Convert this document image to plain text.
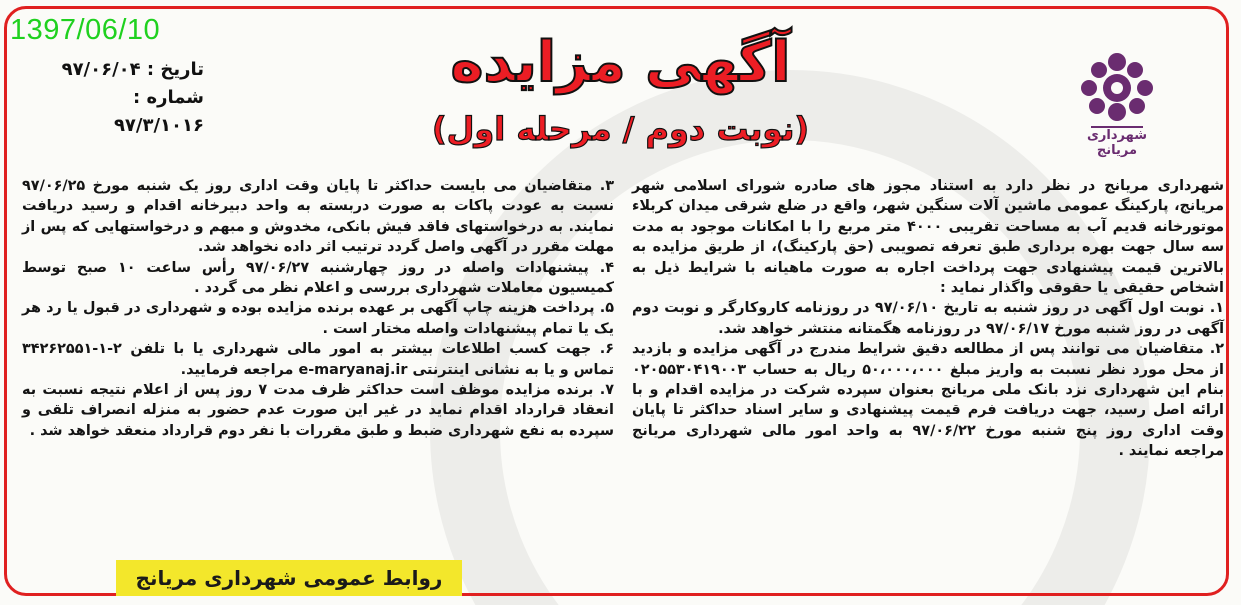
1397/06/10
تاریخ : ۹۷/۰۶/۰۴
شماره : ۹۷/۳/۱۰۱۶	شهرداری مریانج
آگهی مزایده
(نوبت دوم / مرحله اول)

شهرداری مریانج در نظر دارد به استناد مجوز های صادره شورای اسلامی شهر مریانج، پارکینگ عمومی ماشین آلات سنگین شهر، واقع در ضلع شرقی میدان کربلاء موتورخانه قدیم آب به مساحت تقریبی ۴۰۰۰ متر مربع را با امکانات موجود به مدت سه سال جهت بهره برداری طبق تعرفه تصویبی (حق پارکینگ)، از طریق مزایده به بالاترین قیمت پیشنهادی جهت پرداخت اجاره به صورت ماهیانه با شرایط ذیل به اشخاص حقیقی یا حقوقی واگذار نماید :

۱. نوبت اول آگهی در روز شنبه به تاریخ ۹۷/۰۶/۱۰ در روزنامه کاروکارگر و نوبت دوم آگهی در روز شنبه مورخ ۹۷/۰۶/۱۷ در روزنامه هگمتانه منتشر خواهد شد.

۲. متقاضیان می توانند پس از مطالعه دقیق شرایط مندرج در آگهی مزایده و بازدید از محل مورد نظر نسبت به واریز مبلغ ۵۰،۰۰۰،۰۰۰ ریال به حساب ۰۲۰۵۵۳۰۴۱۹۰۰۳ بنام این شهرداری نزد بانک ملی مریانج بعنوان سپرده شرکت در مزایده اقدام و با ارائه اصل رسید، جهت دریافت فرم قیمت پیشنهادی و سایر اسناد حداکثر تا پایان وقت اداری روز پنج شنبه مورخ ۹۷/۰۶/۲۲ به واحد امور مالی شهرداری مریانج مراجعه نمایند .

۳. متقاضیان می بایست حداکثر تا پایان وقت اداری روز یک شنبه مورخ ۹۷/۰۶/۲۵ نسبت به عودت پاکات به صورت دربسته به واحد دبیرخانه اقدام و رسید دریافت نمایند. به درخواستهای فاقد فیش بانکی، مخدوش و مبهم و درخواستهایی که پس از مهلت مقرر در آگهی واصل گردد ترتیب اثر داده نخواهد شد.

۴. پیشنهادات واصله در روز چهارشنبه ۹۷/۰۶/۲۷ رأس ساعت ۱۰ صبح توسط کمیسیون معاملات شهرداری بررسی و اعلام نظر می گردد .

۵. پرداخت هزینه چاپ آگهی بر عهده برنده مزایده بوده و شهرداری در قبول یا رد هر یک یا تمام پیشنهادات واصله مختار است .

۶. جهت کسب اطلاعات بیشتر به امور مالی شهرداری یا با تلفن ۲-۱-۳۴۲۶۲۵۵۱ تماس و یا به نشانی اینترنتی e-maryanaj.ir مراجعه فرمایید.

۷. برنده مزایده موظف است حداکثر ظرف مدت ۷ روز پس از اعلام نتیجه نسبت به انعقاد قرارداد اقدام نماید در غیر این صورت عدم حضور به منزله انصراف تلقی و سپرده به نفع شهرداری ضبط و طبق مقررات با نفر دوم قرارداد منعقد خواهد شد .

روابط عمومی شهرداری مریانج
